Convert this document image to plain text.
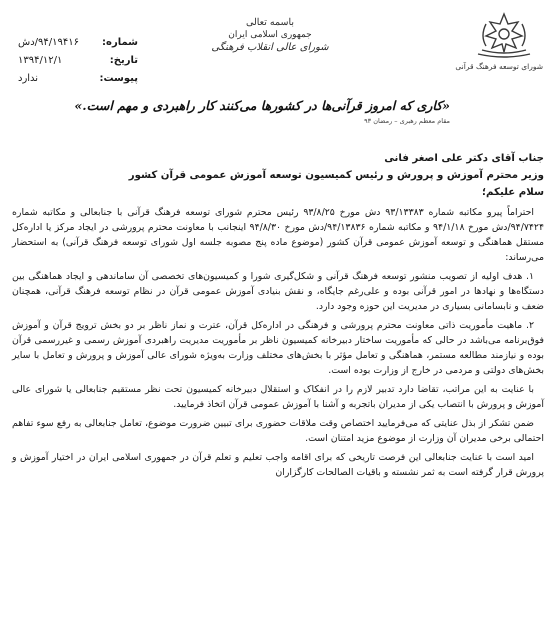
شورای توسعه فرهنگ قرآنی
باسمه تعالی
جمهوری اسلامی ایران
شورای عالی انقلاب فرهنگی
شماره:
۹۴/۱۹۴۱۶/دش
تاریخ:
۱۳۹۴/۱۲/۱
پیوست:
ندارد
«کاری که امروز قرآنی‌ها در کشور‌ها می‌کنند کار راهبردی و مهم است.»
مقام معظم رهبری – رمضان ۹۳

جناب آقای دکتر علی اصغر فانی

وزیر محترم آموزش و پرورش و رئیس کمیسیون توسعه آموزش عمومی قرآن کشور

سلام علیکم؛

احتراماً پیرو مکاتبه شماره ۹۳/۱۳۳۸۳ دش مورخ ۹۳/۸/۲۵ رئیس محترم شورای توسعه فرهنگ قرآنی با جنابعالی و مکاتبه شماره ۹۴/۷۴۲۴/دش مورخ ۹۴/۱/۱۸ و مکاتبه شماره ۹۴/۱۳۸۳۶/دش مورخ ۹۴/۸/۳۰ اینجانب با معاونت محترم پرورشی در ایجاد مرکز یا اداره‌کل مستقل هماهنگی و توسعه آموزش عمومی قرآن کشور (موضوع ماده پنج مصوبه جلسه اول شورای توسعه فرهنگ قرآنی) به استحضار می‌رساند:

۱. هدف اولیه از تصویب منشور توسعه فرهنگ قرآنی و شکل‌گیری شورا و کمیسیون‌های تخصصی آن ساماندهی و ایجاد هماهنگی بین دستگاه‌ها و نهادها در امور قرآنی بوده و علی‌رغم جایگاه، و نقش بنیادی آموزش عمومی قرآن در نظام توسعه فرهنگ قرآنی، همچنان ضعف و نابسامانی بسیاری در مدیریت این حوزه وجود دارد.

۲. ماهیت مأموریت ذاتی معاونت محترم پرورشی و فرهنگی در اداره‌کل قرآن، عترت و نماز ناظر بر دو بخش ترویج قرآن و آموزش فوق‌برنامه می‌باشد در حالی که مأموریت ساختار دبیرخانه کمیسیون ناظر بر مأموریت مدیریت راهبردی آموزش رسمی و غیررسمی قرآن بوده و نیازمند مطالعه مستمر، هماهنگی و تعامل مؤثر با بخش‌های مختلف وزارت به‌ویژه شورای عالی آموزش و پرورش و تعامل با سایر بخش‌های دولتی و مردمی در خارج از وزارت بوده است.

با عنایت به این مراتب، تقاضا دارد تدبیر لازم را در انفکاک و استقلال دبیرخانه کمیسیون تحت نظر مستقیم جنابعالی یا شورای عالی آموزش و پرورش با انتصاب یکی از مدیران باتجربه و آشنا با آموزش عمومی قرآن اتخاذ فرمایید.

ضمن تشکر از بذل عنایتی که می‌فرمایید اختصاص وقت ملاقات حضوری برای تبیین ضرورت موضوع، تعامل جنابعالی به رفع سوء تفاهم احتمالی برخی مدیران آن وزارت از موضوع مزید امتنان است.

امید است با عنایت جنابعالی این فرصت تاریخی که برای اقامه واجب تعلیم و تعلم قرآن در جمهوری اسلامی ایران در اختیار آموزش و پرورش قرار گرفته است به ثمر نشسته و باقیات الصالحات کارگزاران
